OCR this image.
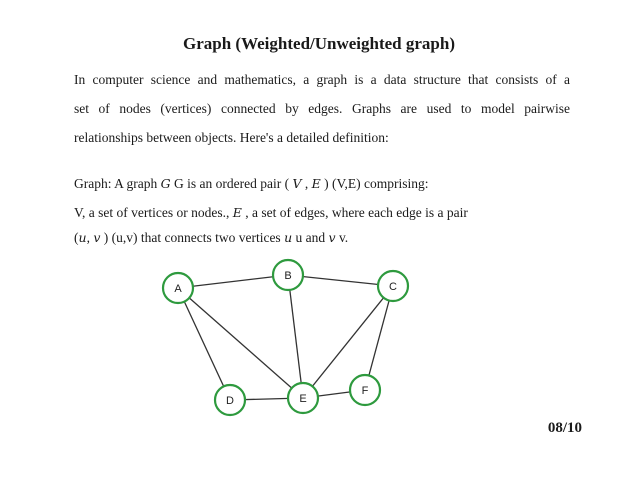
Graph (Weighted/Unweighted graph)
In computer science and mathematics, a graph is a data structure that consists of a
set of nodes (vertices) connected by edges. Graphs are used to model pairwise
relationships between objects. Here's a detailed definition:
Graph: A graph G G is an ordered pair ( V , E ) (V,E) comprising:
V, a set of vertices or nodes., E , a set of edges, where each edge is a pair
(u, v ) (u,v) that connects two vertices u u and v v.
A
B
C
D	E
F
08/10
